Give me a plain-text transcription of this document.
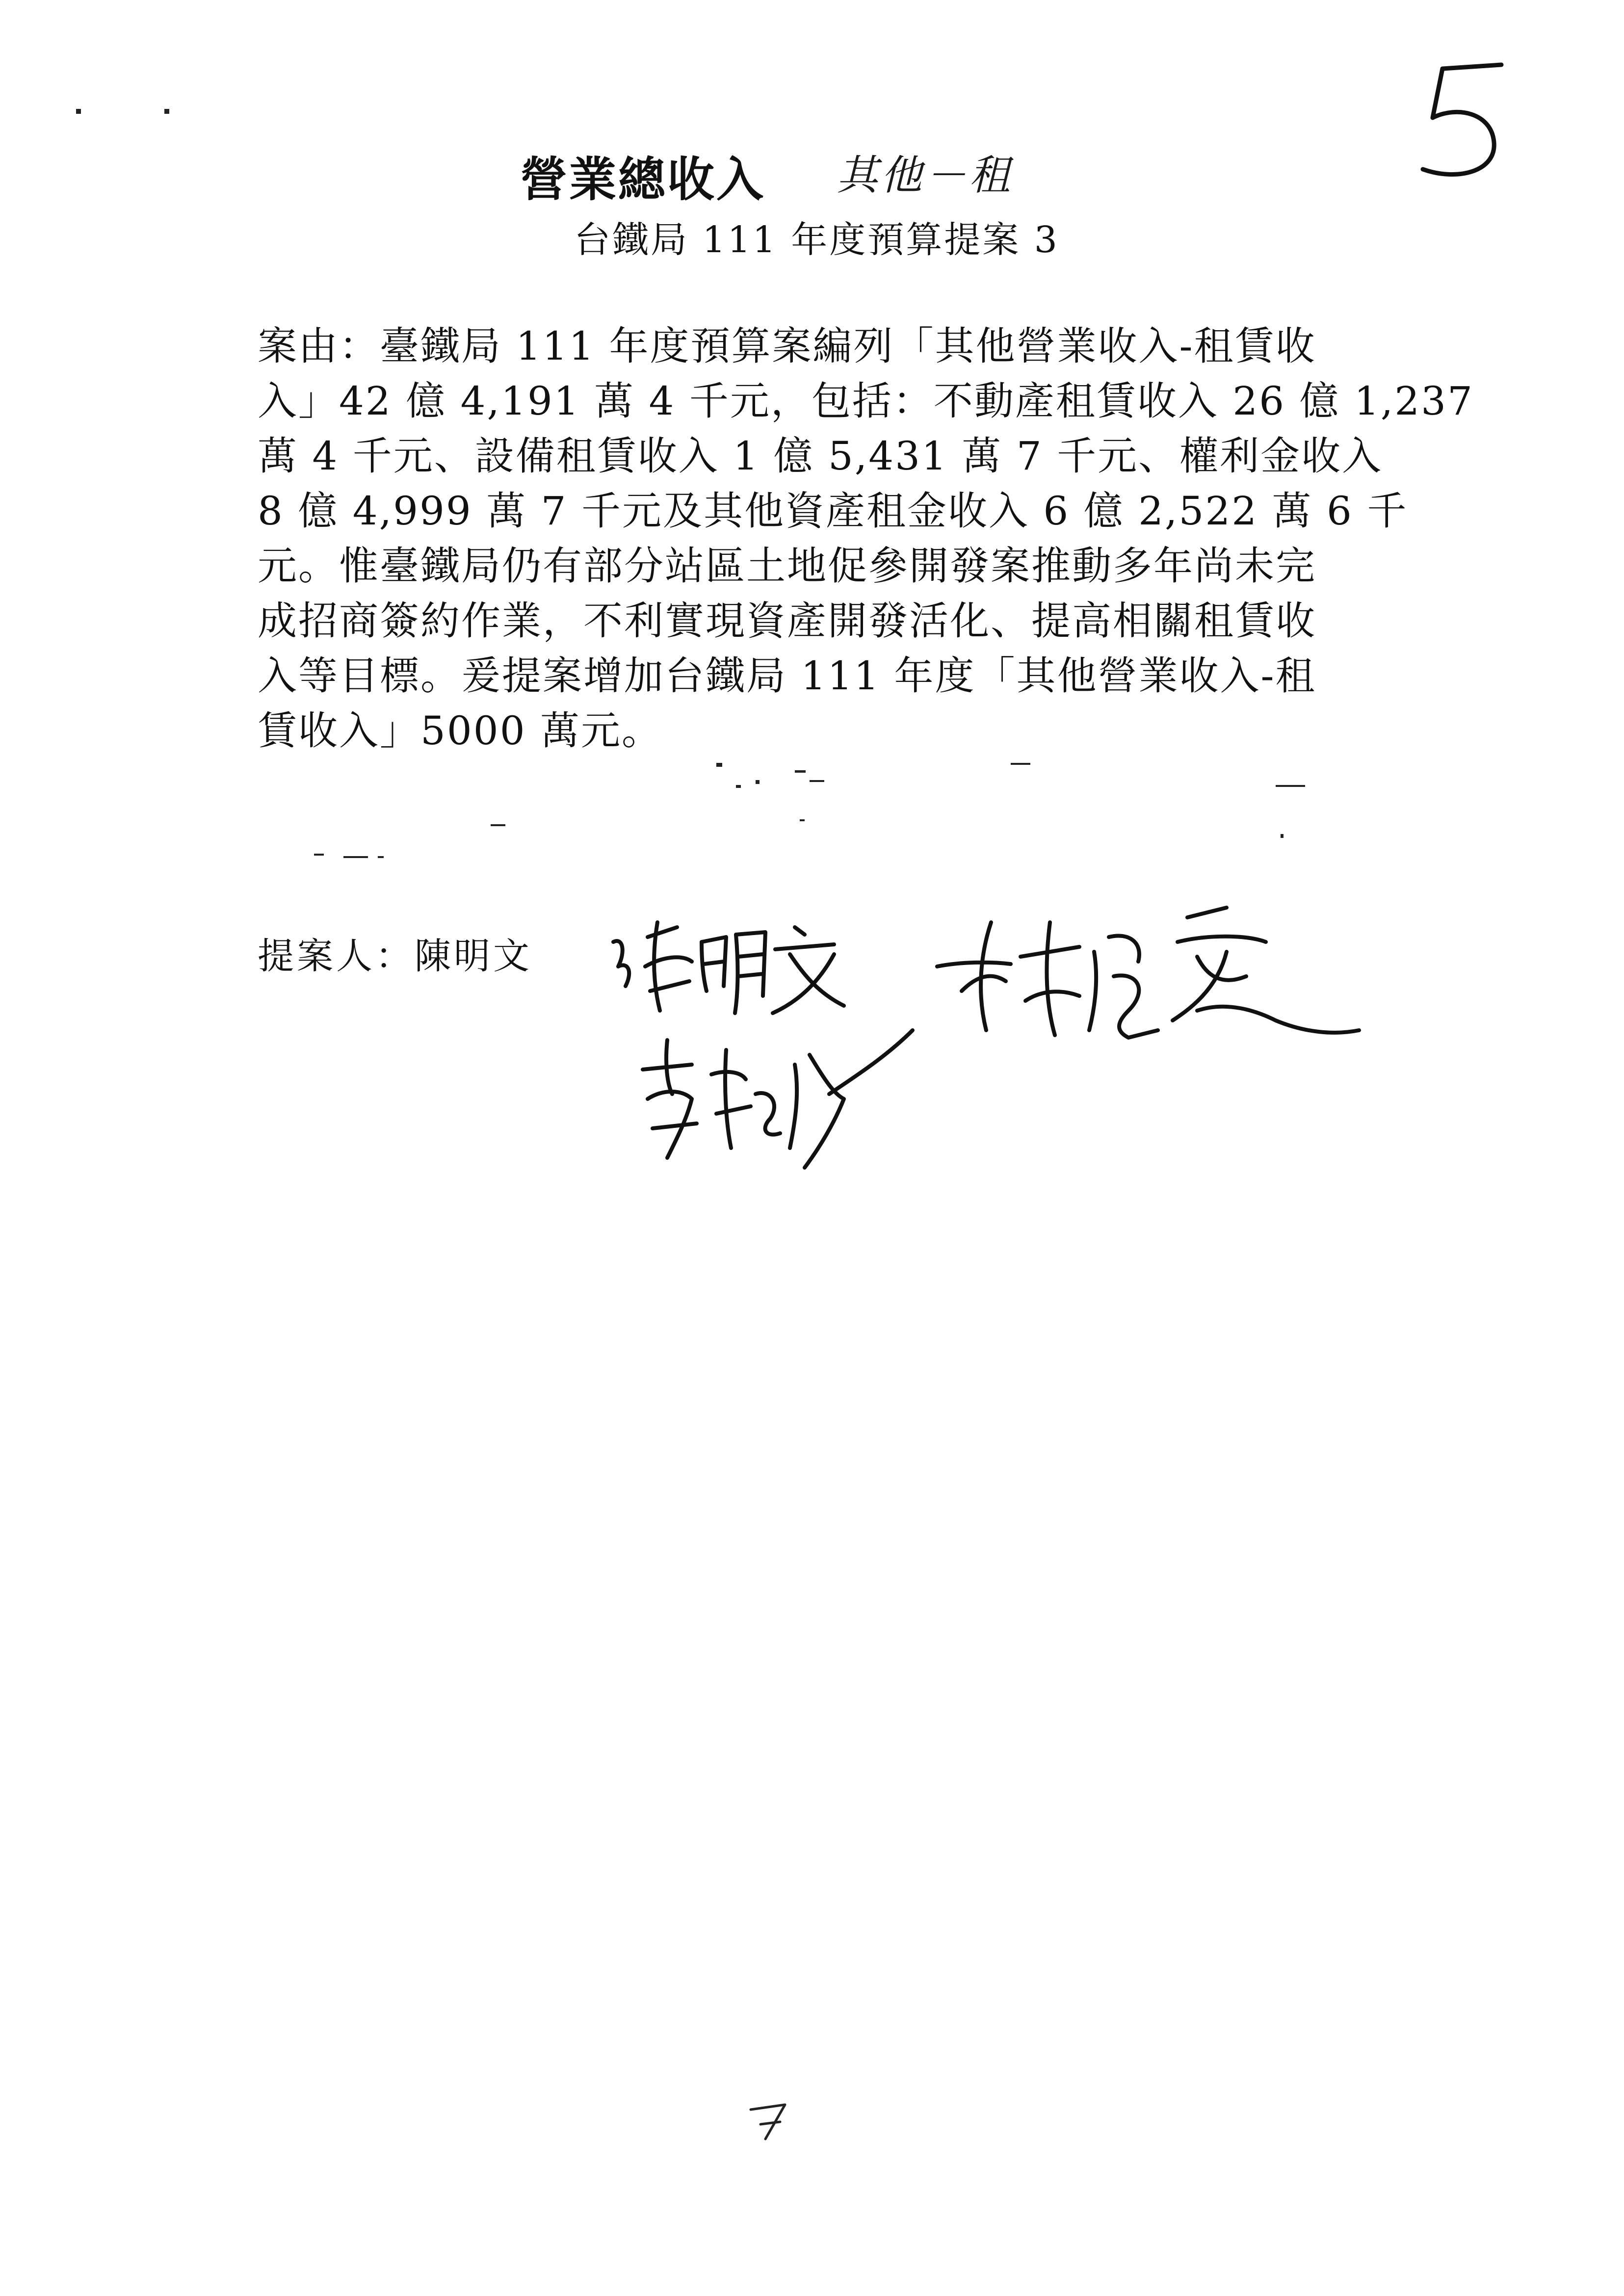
營業總收入 其他－租
台鐵局 111 年度預算提案 3
案由：臺鐵局 111 年度預算案編列「其他營業收入-租賃收
入」42 億 4,191 萬 4 千元，包括：不動產租賃收入 26 億 1,237
萬 4 千元、設備租賃收入 1 億 5,431 萬 7 千元、權利金收入
8 億 4,999 萬 7 千元及其他資產租金收入 6 億 2,522 萬 6 千
元。惟臺鐵局仍有部分站區土地促參開發案推動多年尚未完
成招商簽約作業，不利實現資產開發活化、提高相關租賃收
入等目標。爰提案增加台鐵局 111 年度「其他營業收入-租
賃收入」5000 萬元。
提案人：陳明文
